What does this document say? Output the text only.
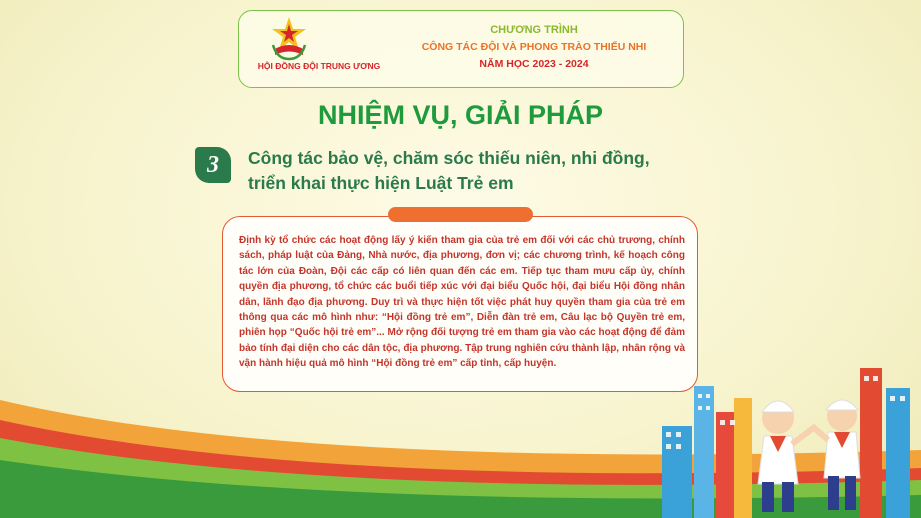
HỘI ĐỒNG ĐỘI TRUNG ƯƠNG
CHƯƠNG TRÌNH
CÔNG TÁC ĐỘI VÀ PHONG TRÀO THIẾU NHI
NĂM HỌC 2023 - 2024
NHIỆM VỤ, GIẢI PHÁP
3	Công tác bảo vệ, chăm sóc thiếu niên, nhi đồng,
triển khai thực hiện Luật Trẻ em

Định kỳ tổ chức các hoạt động lấy ý kiến tham gia của trẻ em đối với các chủ trương, chính sách, pháp luật của Đảng, Nhà nước, địa phương, đơn vị; các chương trình, kế hoạch công tác lớn của Đoàn, Đội các cấp có liên quan đến các em. Tiếp tục tham mưu cấp ủy, chính quyền địa phương, tổ chức các buổi tiếp xúc với đại biểu Quốc hội, đại biểu Hội đồng nhân dân, lãnh đạo địa phương. Duy trì và thực hiện tốt việc phát huy quyền tham gia của trẻ em thông qua các mô hình như: “Hội đồng trẻ em”, Diễn đàn trẻ em, Câu lạc bộ Quyền trẻ em, phiên họp “Quốc hội trẻ em”... Mở rộng đối tượng trẻ em tham gia vào các hoạt động để đảm bảo tính đại diện cho các dân tộc, địa phương. Tập trung nghiên cứu thành lập, nhân rộng và vận hành hiệu quả mô hình “Hội đồng trẻ em” cấp tỉnh, cấp huyện.
